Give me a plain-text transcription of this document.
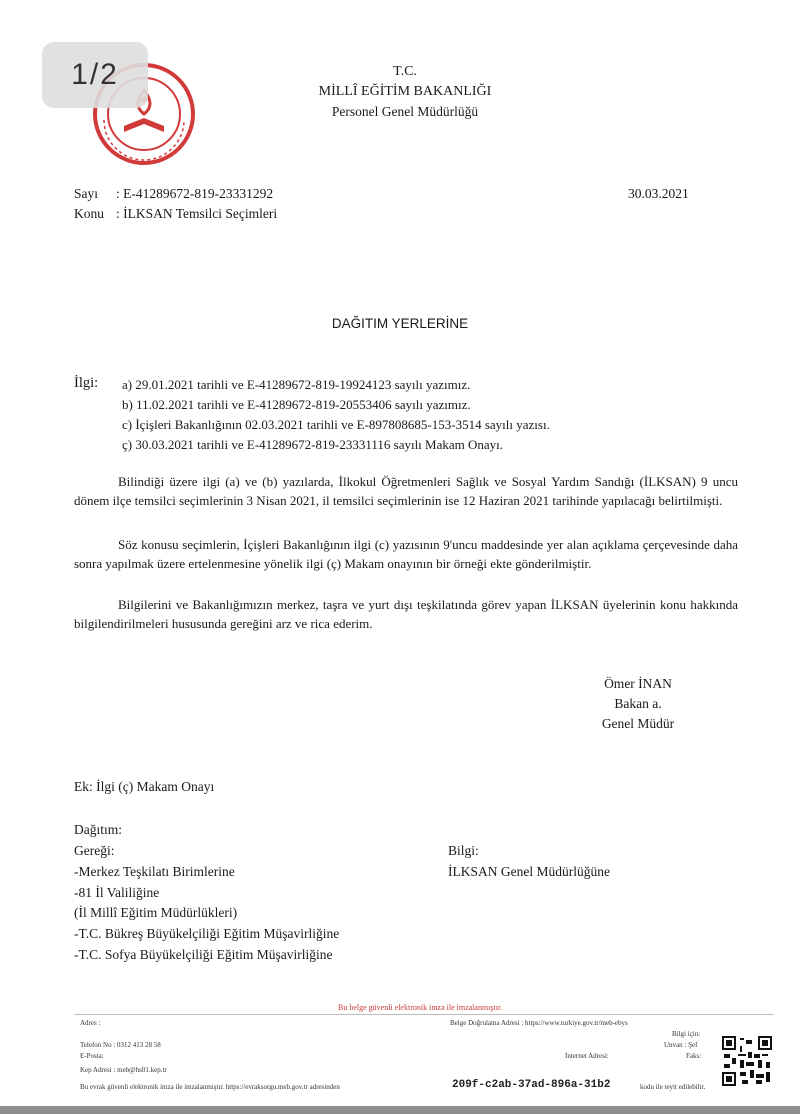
1/2	T.C.
MİLLÎ EĞİTİM BAKANLIĞI
Personel Genel Müdürlüğü
Sayı : E-41289672-819-23331292
Konu : İLKSAN Temsilci Seçimleri
30.03.2021
DAĞITIM YERLERİNE
İlgi: a) 29.01.2021 tarihli ve E-41289672-819-19924123 sayılı yazımız.
b) 11.02.2021 tarihli ve E-41289672-819-20553406 sayılı yazımız.
c) İçişleri Bakanlığının 02.03.2021 tarihli ve E-897808685-153-3514 sayılı yazısı.
ç) 30.03.2021 tarihli ve E-41289672-819-23331116 sayılı Makam Onayı.
Bilindiği üzere ilgi (a) ve (b) yazılarda, İlkokul Öğretmenleri Sağlık ve Sosyal Yardım Sandığı (İLKSAN) 9 uncu dönem ilçe temsilci seçimlerinin 3 Nisan 2021, il temsilci seçimlerinin ise 12 Haziran 2021 tarihinde yapılacağı belirtilmişti.
Söz konusu seçimlerin, İçişleri Bakanlığının ilgi (c) yazısının 9'uncu maddesinde yer alan açıklama çerçevesinde daha sonra yapılmak üzere ertelenmesine yönelik ilgi (ç) Makam onayının bir örneği ekte gönderilmiştir.
Bilgilerini ve Bakanlığımızın merkez, taşra ve yurt dışı teşkilatında görev yapan İLKSAN üyelerinin konu hakkında bilgilendirilmeleri hususunda gereğini arz ve rica ederim.
Ömer İNAN
Bakan a.
Genel Müdür
Ek: İlgi (ç) Makam Onayı
Dağıtım:
Gereği:
-Merkez Teşkilatı Birimlerine
-81 İl Valiliğine
(İl Millî Eğitim Müdürlükleri)
-T.C. Bükreş Büyükelçiliği Eğitim Müşavirliğine
-T.C. Sofya Büyükelçiliği Eğitim Müşavirliğine
Bilgi:
İLKSAN Genel Müdürlüğüne
Bu belge güvenli elektronik imza ile imzalanmıştır.
Adres :	Belge Doğrulama Adresi : https://www.turkiye.gov.tr/meb-ebys
Bilgi için:
Telefon No : 0312 413 28 58	Unvan : Şef
E-Posta:	İnternet Adresi:	Faks:
Kep Adresi : meb@hs01.kep.tr
Bu evrak güvenli elektronik imza ile imzalanmıştır. https://evraksorgu.meb.gov.tr adresinden	209f-c2ab-37ad-896a-31b2	kodu ile teyit edilebilir.
